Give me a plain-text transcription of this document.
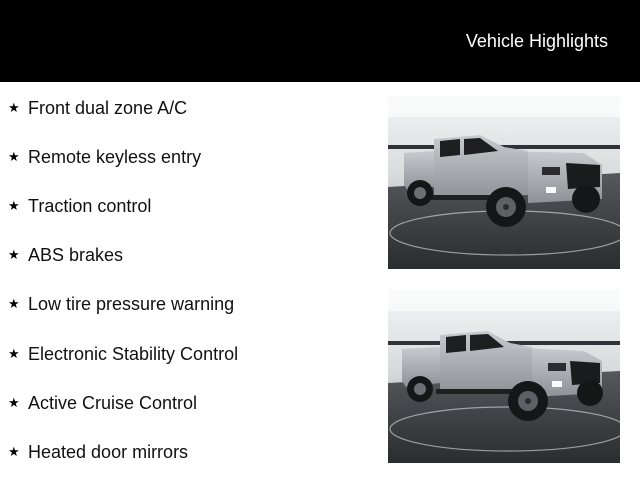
Vehicle Highlights
★ Front dual zone A/C
★ Remote keyless entry
★ Traction control
★ ABS brakes
★ Low tire pressure warning
★ Electronic Stability Control
★ Active Cruise Control
★ Heated door mirrors
